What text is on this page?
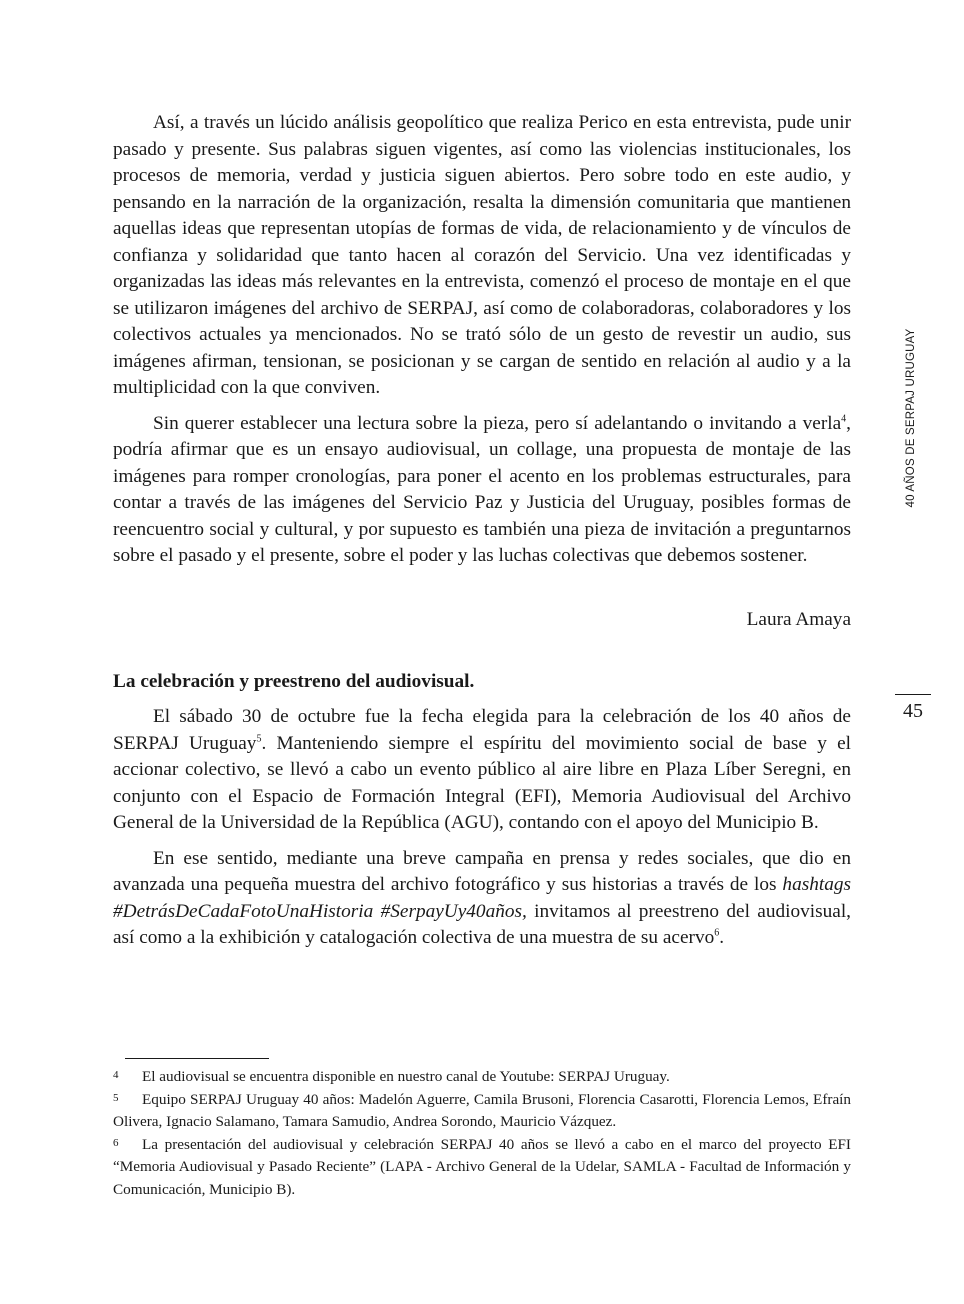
Así, a través un lúcido análisis geopolítico que realiza Perico en esta entrevista, pude unir pasado y presente. Sus palabras siguen vigentes, así como las violencias institucionales, los procesos de memoria, verdad y justicia siguen abiertos. Pero sobre todo en este audio, y pensando en la narración de la organización, resalta la dimensión comunitaria que mantienen aquellas ideas que representan utopías de formas de vida, de relacionamiento y de vínculos de confianza y solidaridad que tanto hacen al corazón del Servicio. Una vez identificadas y organizadas las ideas más relevantes en la entrevista, comenzó el proceso de montaje en el que se utilizaron imágenes del archivo de SERPAJ, así como de colaboradoras, colaboradores y los colectivos actuales ya mencionados. No se trató sólo de un gesto de revestir un audio, sus imágenes afirman, tensionan, se posicionan y se cargan de sentido en relación al audio y a la multiplicidad con la que conviven.

Sin querer establecer una lectura sobre la pieza, pero sí adelantando o invitando a verla$^4$, podría afirmar que es un ensayo audiovisual, un collage, una propuesta de montaje de las imágenes para romper cronologías, para poner el acento en los problemas estructurales, para contar a través de las imágenes del Servicio Paz y Justicia del Uruguay, posibles formas de reencuentro social y cultural, y por supuesto es también una pieza de invitación a preguntarnos sobre el pasado y el presente, sobre el poder y las luchas colectivas que debemos sostener.

Laura Amaya
La celebración y preestreno del audiovisual.

El sábado 30 de octubre fue la fecha elegida para la celebración de los 40 años de SERPAJ Uruguay$^5$. Manteniendo siempre el espíritu del movimiento social de base y el accionar colectivo, se llevó a cabo un evento público al aire libre en Plaza Líber Seregni, en conjunto con el Espacio de Formación Integral (EFI), Memoria Audiovisual del Archivo General de la Universidad de la República (AGU), contando con el apoyo del Municipio B.

En ese sentido, mediante una breve campaña en prensa y redes sociales, que dio en avanzada una pequeña muestra del archivo fotográfico y sus historias a través de los hashtags #DetrásDeCadaFotoUnaHistoria #SerpayUy40años, invitamos al preestreno del audiovisual, así como a la exhibición y catalogación colectiva de una muestra de su acervo$^6$.

4 El audiovisual se encuentra disponible en nuestro canal de Youtube: SERPAJ Uruguay.

5 Equipo SERPAJ Uruguay 40 años: Madelón Aguerre, Camila Brusoni, Florencia Casarotti, Florencia Lemos, Efraín Olivera, Ignacio Salamano, Tamara Samudio, Andrea Sorondo, Mauricio Vázquez.

6 La presentación del audiovisual y celebración SERPAJ 40 años se llevó a cabo en el marco del proyecto EFI “Memoria Audiovisual y Pasado Reciente” (LAPA - Archivo General de la Udelar, SAMLA - Facultad de Información y Comunicación, Municipio B).

40 AÑOS DE SERPAJ URUGUAY
45
